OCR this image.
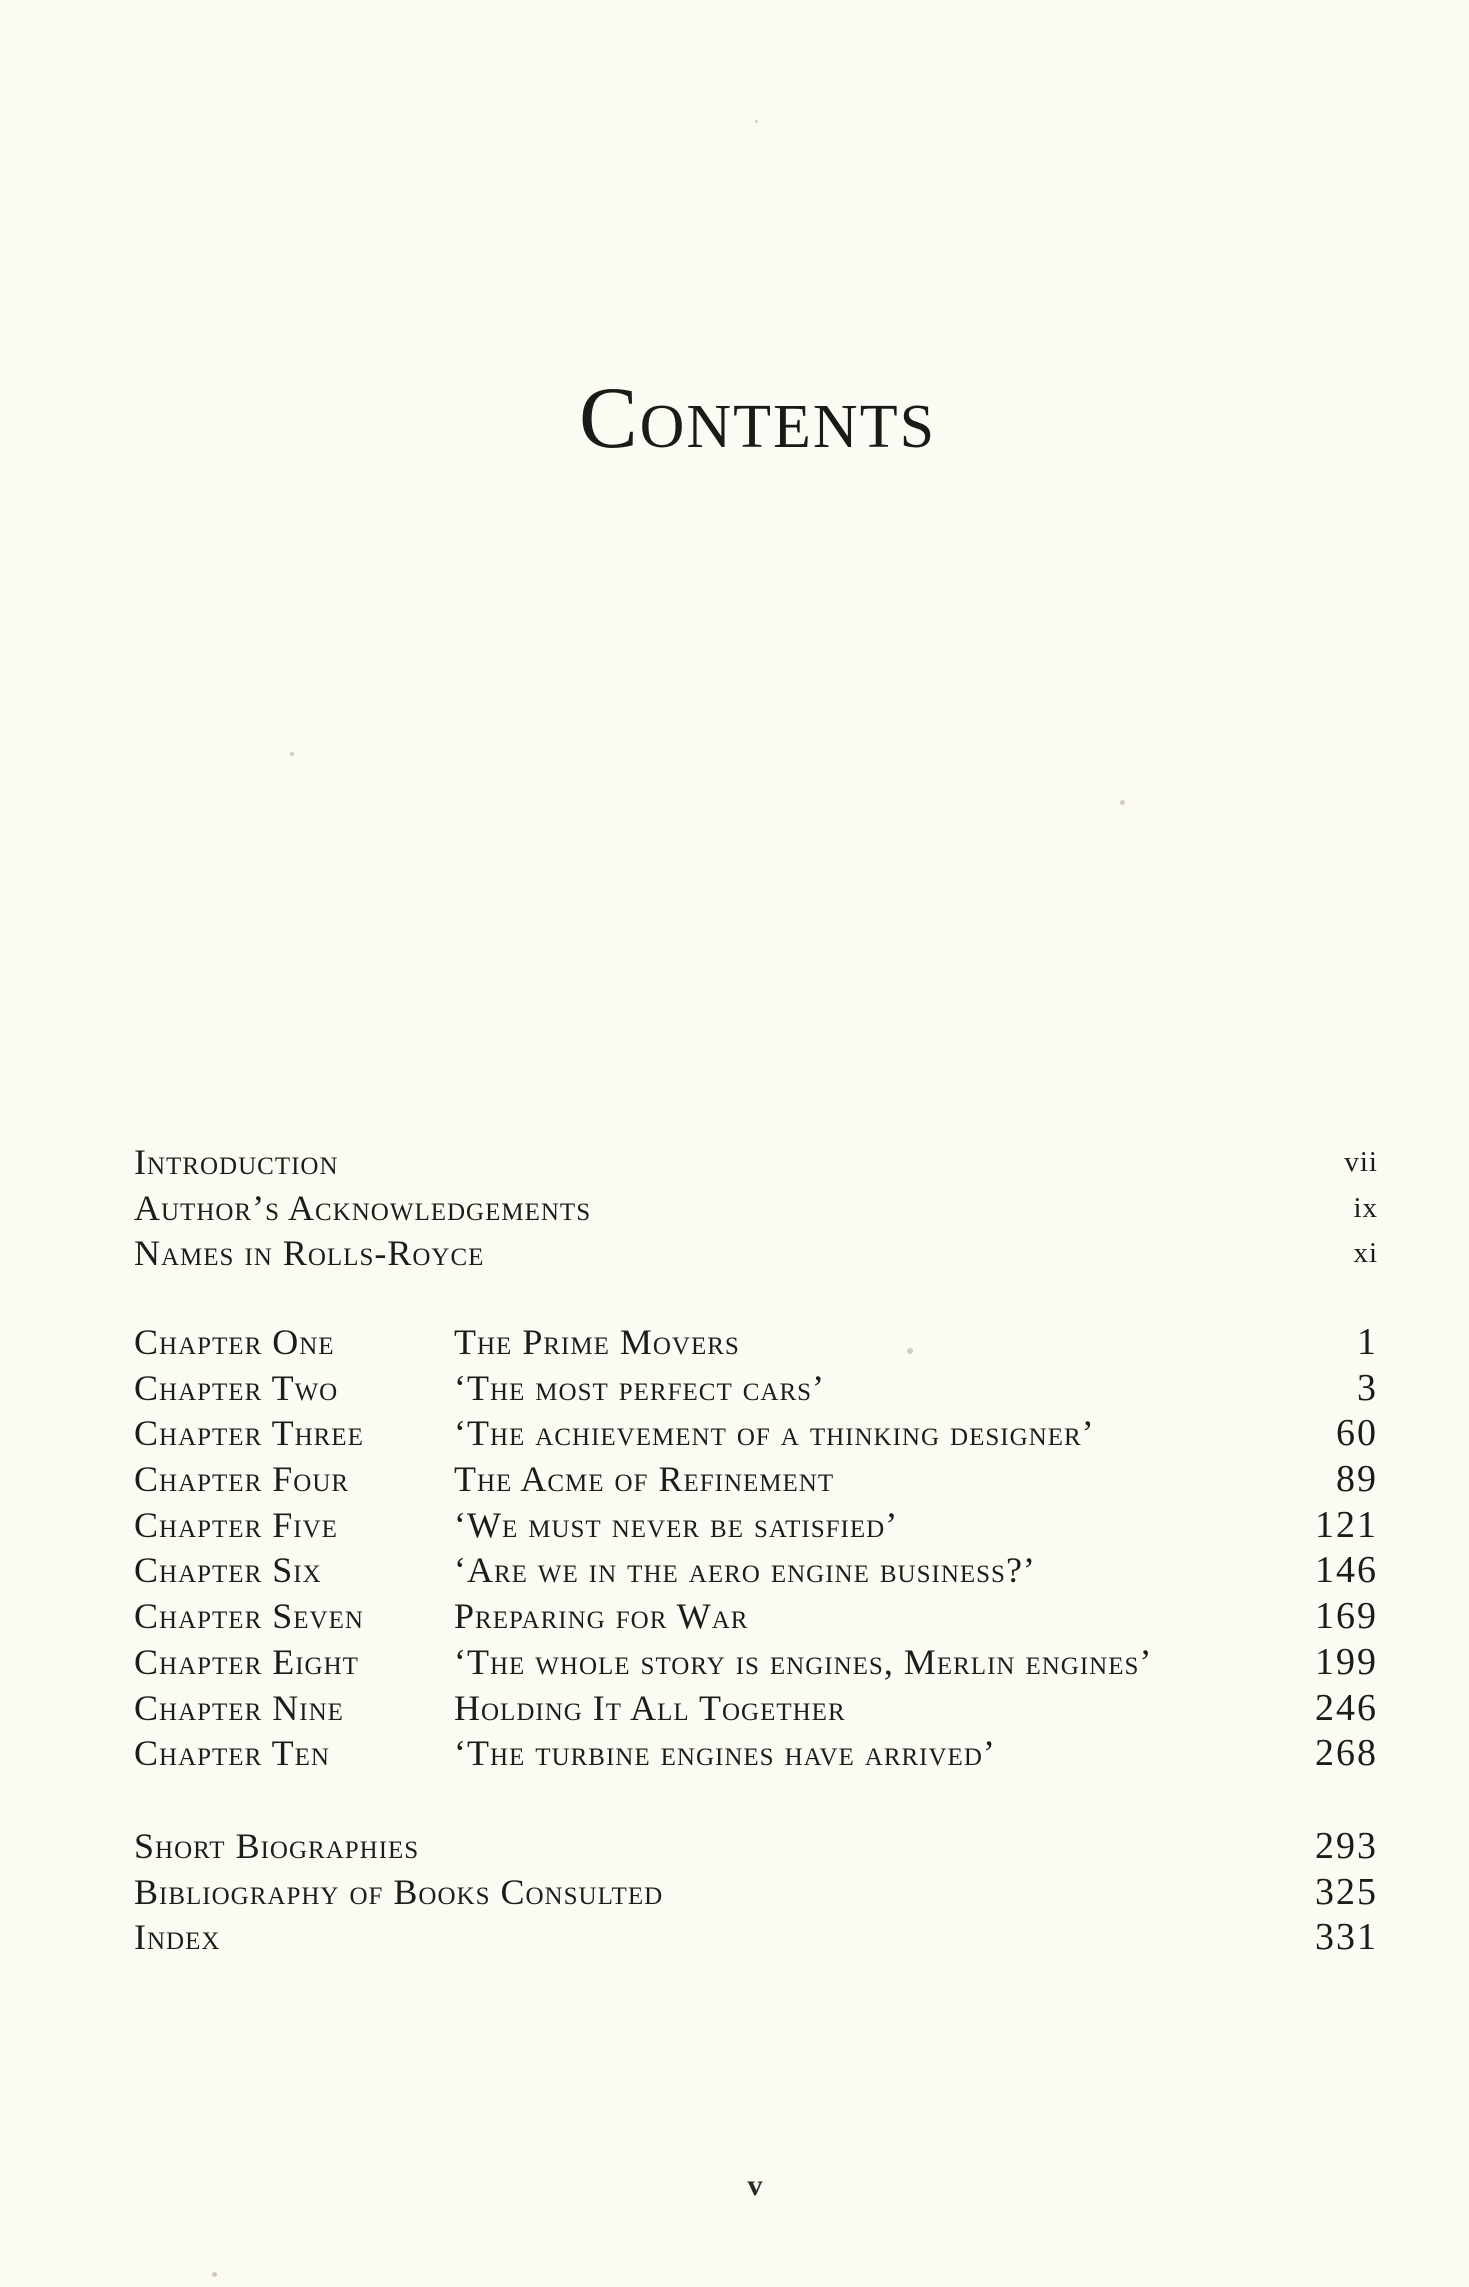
Contents
Introduction	vii
Author’s Acknowledgements	ix
Names in Rolls-Royce	xi
Chapter One	The Prime Movers	1
Chapter Two	‘The most perfect cars’	3
Chapter Three	‘The achievement of a thinking designer’	60
Chapter Four	The Acme of Refinement	89
Chapter Five	‘We must never be satisfied’	121
Chapter Six	‘Are we in the aero engine business?’	146
Chapter Seven	Preparing for War	169
Chapter Eight	‘The whole story is engines, Merlin engines’	199
Chapter Nine	Holding It All Together	246
Chapter Ten	‘The turbine engines have arrived’	268
Short Biographies	293
Bibliography of Books Consulted	325
Index	331
v
